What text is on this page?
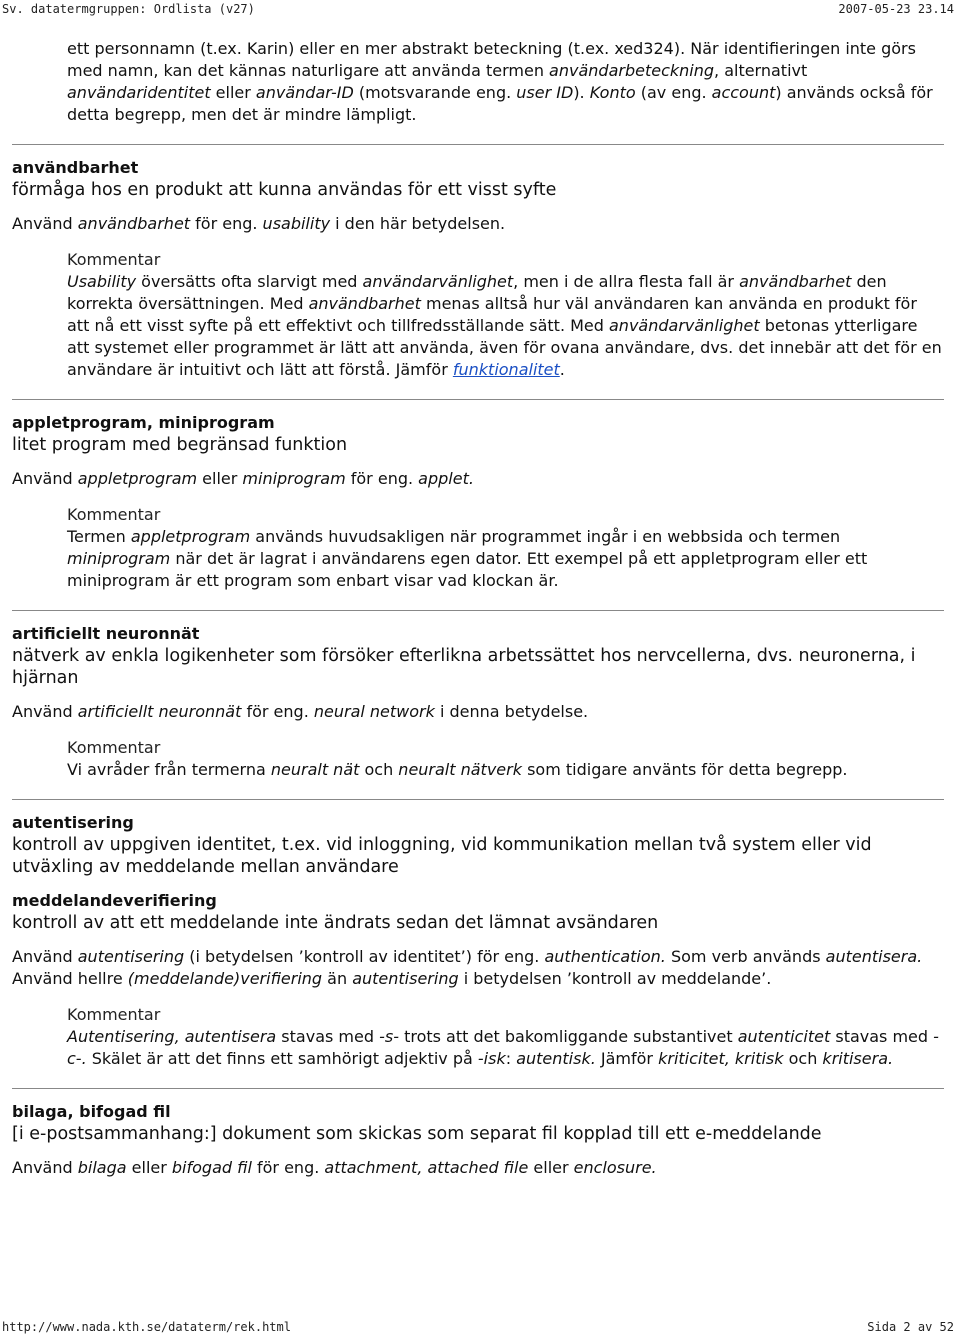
Sv. datatermgruppen: Ordlista (v27)	2007-05-23 23.14

ett personnamn (t.ex. Karin) eller en mer abstrakt beteckning (t.ex. xed324). När identifieringen inte görs med namn, kan det kännas naturligare att använda termen användarbeteckning, alternativt användaridentitet eller användar-ID (motsvarande eng. user ID). Konto (av eng. account) används också för detta begrepp, men det är mindre lämpligt.

användbarhet

förmåga hos en produkt att kunna användas för ett visst syfte

Använd användbarhet för eng. usability i den här betydelsen.

Kommentar

Usability översätts ofta slarvigt med användarvänlighet, men i de allra flesta fall är användbarhet den korrekta översättningen. Med användbarhet menas alltså hur väl användaren kan använda en produkt för att nå ett visst syfte på ett effektivt och tillfredsställande sätt. Med användarvänlighet betonas ytterligare att systemet eller programmet är lätt att använda, även för ovana användare, dvs. det innebär att det för en användare är intuitivt och lätt att förstå. Jämför funktionalitet.

appletprogram, miniprogram

litet program med begränsad funktion

Använd appletprogram eller miniprogram för eng. applet.

Kommentar

Termen appletprogram används huvudsakligen när programmet ingår i en webbsida och termen miniprogram när det är lagrat i användarens egen dator. Ett exempel på ett appletprogram eller ett miniprogram är ett program som enbart visar vad klockan är.

artificiellt neuronnät

nätverk av enkla logikenheter som försöker efterlikna arbetssättet hos nervcellerna, dvs. neuronerna, i hjärnan

Använd artificiellt neuronnät för eng. neural network i denna betydelse.

Kommentar

Vi avråder från termerna neuralt nät och neuralt nätverk som tidigare använts för detta begrepp.

autentisering

kontroll av uppgiven identitet, t.ex. vid inloggning, vid kommunikation mellan två system eller vid utväxling av meddelande mellan användare

meddelandeverifiering

kontroll av att ett meddelande inte ändrats sedan det lämnat avsändaren

Använd autentisering (i betydelsen ’kontroll av identitet’) för eng. authentication. Som verb används autentisera. Använd hellre (meddelande)verifiering än autentisering i betydelsen ’kontroll av meddelande’.

Kommentar

Autentisering, autentisera stavas med -s- trots att det bakomliggande substantivet autenticitet stavas med -c-. Skälet är att det finns ett samhörigt adjektiv på -isk: autentisk. Jämför kriticitet, kritisk och kritisera.

bilaga, bifogad fil

[i e-postsammanhang:] dokument som skickas som separat fil kopplad till ett e-meddelande

Använd bilaga eller bifogad fil för eng. attachment, attached file eller enclosure.

http://www.nada.kth.se/dataterm/rek.html	Sida 2 av 52
